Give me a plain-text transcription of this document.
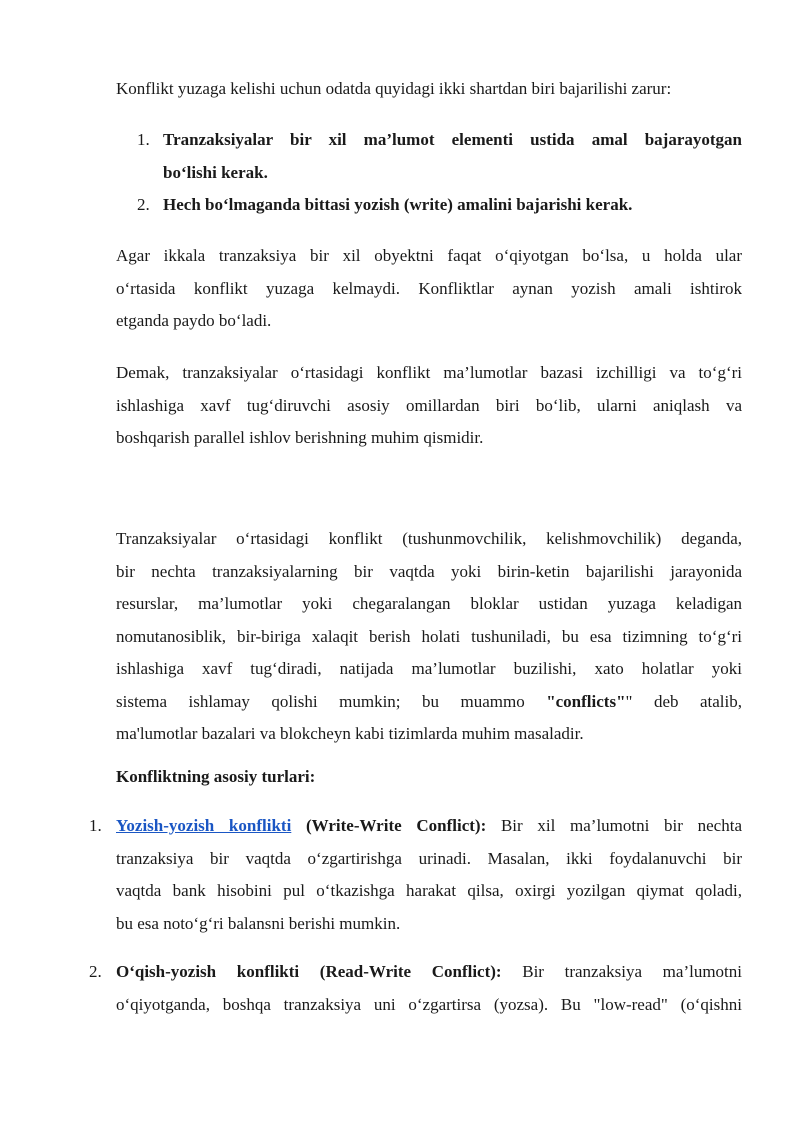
Konflikt yuzaga kelishi uchun odatda quyidagi ikki shartdan biri bajarilishi zarur:

1. Tranzaksiyalar bir xil ma’lumot elementi ustida amal bajarayotgan

bo‘lishi kerak.

2. Hech bo‘lmaganda bittasi yozish (write) amalini bajarishi kerak.

Agar ikkala tranzaksiya bir xil obyektni faqat o‘qiyotgan bo‘lsa, u holda ular

o‘rtasida konflikt yuzaga kelmaydi. Konfliktlar aynan yozish amali ishtirok

etganda paydo bo‘ladi.

Demak, tranzaksiyalar o‘rtasidagi konflikt ma’lumotlar bazasi izchilligi va to‘g‘ri

ishlashiga xavf tug‘diruvchi asosiy omillardan biri bo‘lib, ularni aniqlash va

boshqarish parallel ishlov berishning muhim qismidir.

Tranzaksiyalar o‘rtasidagi konflikt (tushunmovchilik, kelishmovchilik) deganda,

bir nechta tranzaksiyalarning bir vaqtda yoki birin-ketin bajarilishi jarayonida

resurslar, ma’lumotlar yoki chegaralangan bloklar ustidan yuzaga keladigan

nomutanosiblik, bir-biriga xalaqit berish holati tushuniladi, bu esa tizimning to‘g‘ri

ishlashiga xavf tug‘diradi, natijada ma’lumotlar buzilishi, xato holatlar yoki

sistema ishlamay qolishi mumkin; bu muammo "conflicts"" deb atalib,

ma'lumotlar bazalari va blokcheyn kabi tizimlarda muhim masaladir.

Konfliktning asosiy turlari:

1. Yozish-yozish konflikti (Write-Write Conflict): Bir xil ma’lumotni bir nechta

tranzaksiya bir vaqtda o‘zgartirishga urinadi. Masalan, ikki foydalanuvchi bir

vaqtda bank hisobini pul o‘tkazishga harakat qilsa, oxirgi yozilgan qiymat qoladi,

bu esa noto‘g‘ri balansni berishi mumkin.

2. O‘qish-yozish konflikti (Read-Write Conflict): Bir tranzaksiya ma’lumotni

o‘qiyotganda, boshqa tranzaksiya uni o‘zgartirsa (yozsa). Bu "low-read" (o‘qishni
